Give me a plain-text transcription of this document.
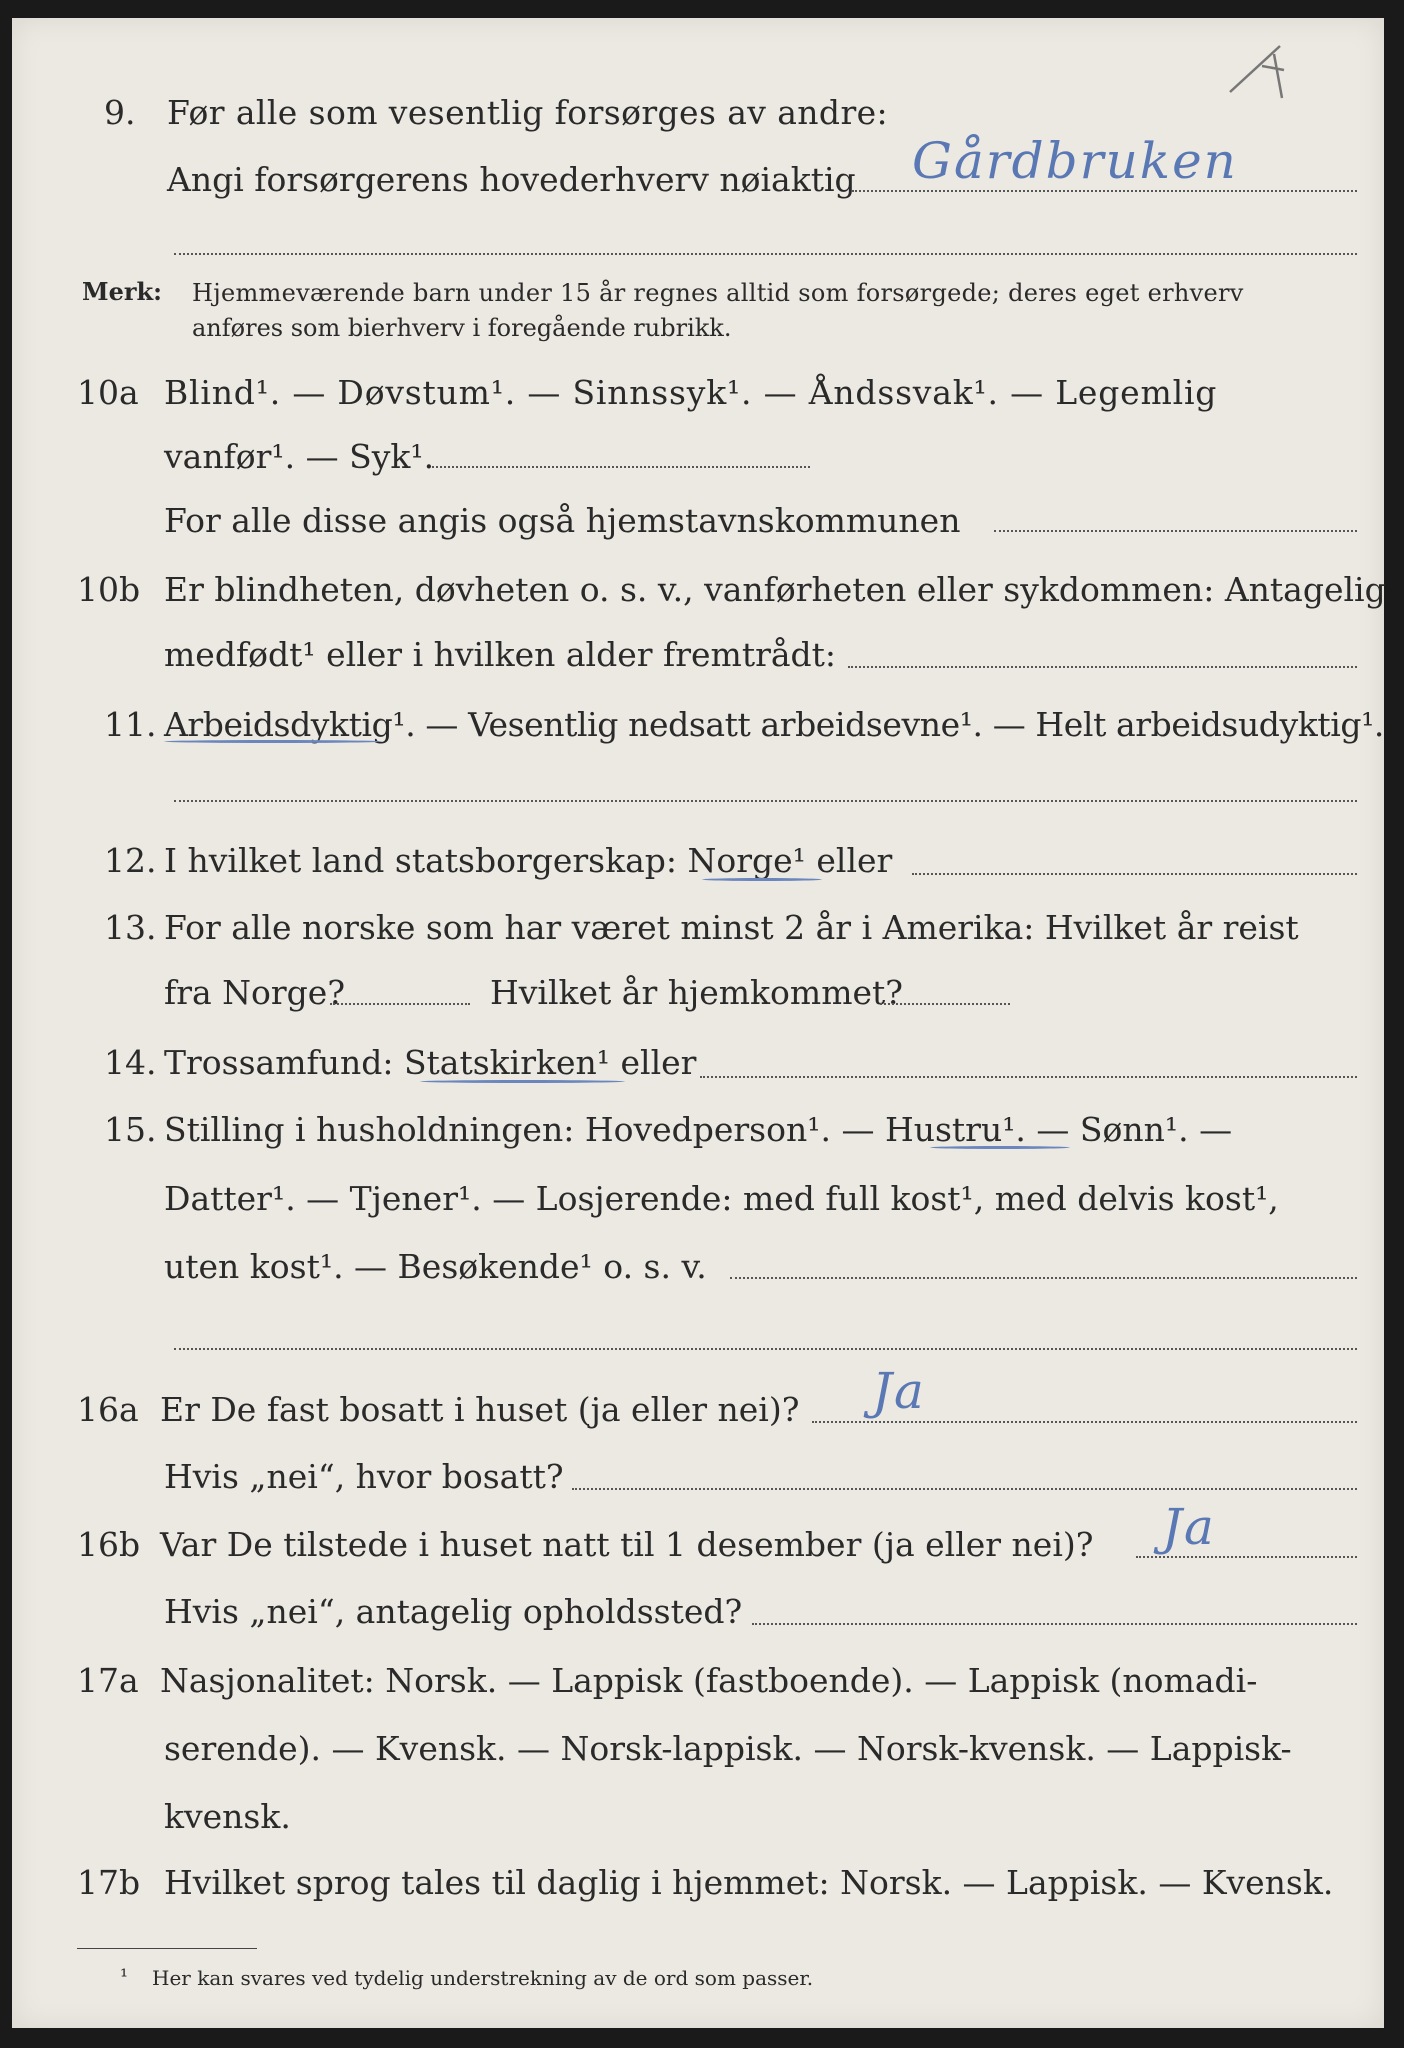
9. Før alle som vesentlig forsørges av andre:
Angi forsørgerens hovederhverv nøiaktig Gårdbruken
Merk: Hjemmeværende barn under 15 år regnes alltid som forsørgede; deres eget erhverv
anføres som bierhverv i foregående rubrikk.
10a Blind¹. — Døvstum¹. — Sinnssyk¹. — Åndssvak¹. — Legemlig
vanfør¹. — Syk¹.
For alle disse angis også hjemstavnskommunen
10b Er blindheten, døvheten o. s. v., vanførheten eller sykdommen: Antagelig
medfødt¹ eller i hvilken alder fremtrådt:
11. Arbeidsdyktig¹. — Vesentlig nedsatt arbeidsevne¹. — Helt arbeidsudyktig¹.
12. I hvilket land statsborgerskap: Norge¹ eller
13. For alle norske som har været minst 2 år i Amerika: Hvilket år reist
fra Norge?	Hvilket år hjemkommet?
14. Trossamfund: Statskirken¹ eller
15. Stilling i husholdningen: Hovedperson¹. — Hustru¹. — Sønn¹. —
Datter¹. — Tjener¹. — Losjerende: med full kost¹, med delvis kost¹,
uten kost¹. — Besøkende¹ o. s. v.
16a Er De fast bosatt i huset (ja eller nei)? Ja
Hvis „nei“, hvor bosatt?
16b Var De tilstede i huset natt til 1 desember (ja eller nei)? Ja
Hvis „nei“, antagelig opholdssted?
17a Nasjonalitet: Norsk. — Lappisk (fastboende). — Lappisk (nomadi-
serende). — Kvensk. — Norsk-lappisk. — Norsk-kvensk. — Lappisk-
kvensk.
17b Hvilket sprog tales til daglig i hjemmet: Norsk. — Lappisk. — Kvensk.
¹ Her kan svares ved tydelig understrekning av de ord som passer.
